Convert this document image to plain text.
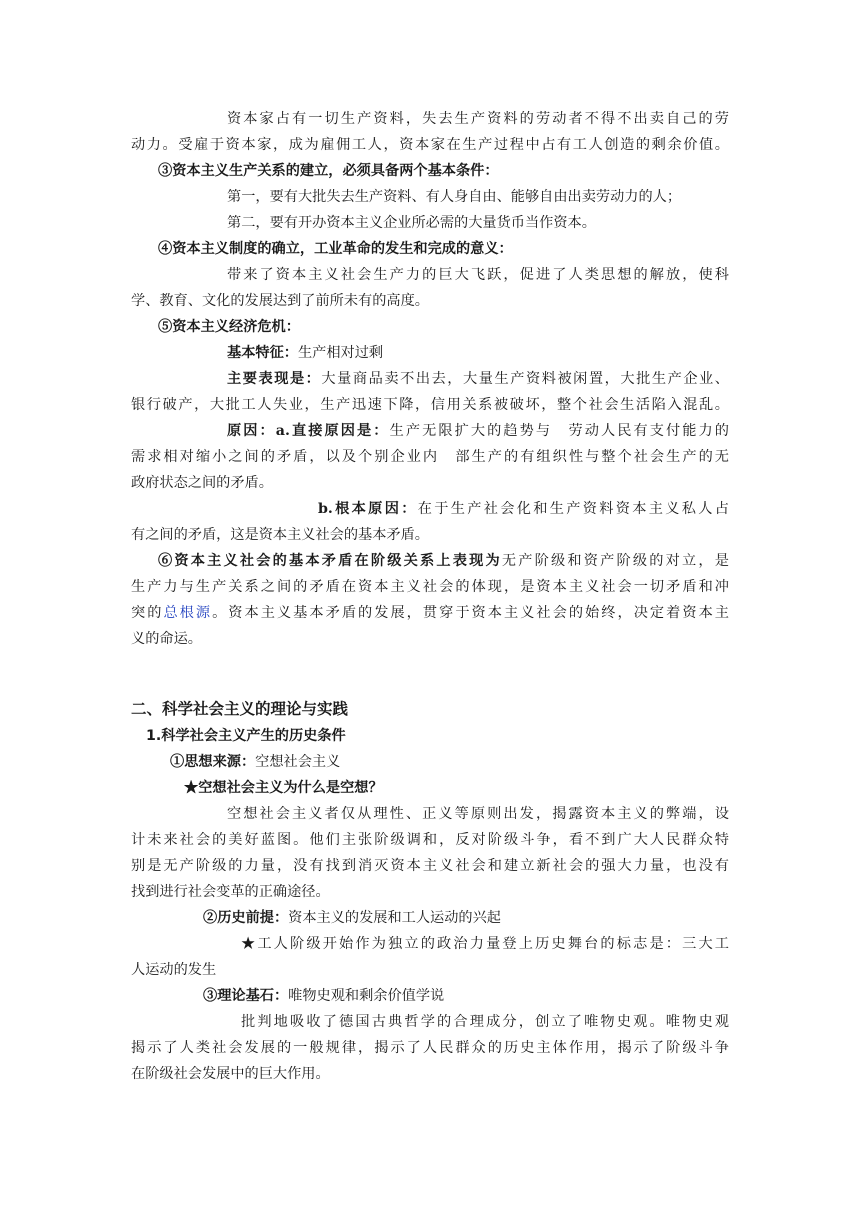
资本家占有一切生产资料，失去生产资料的劳动者不得不出卖自己的劳
动力。受雇于资本家，成为雇佣工人，资本家在生产过程中占有工人创造的剩余价值。
③资本主义生产关系的建立，必须具备两个基本条件：
第一，要有大批失去生产资料、有人身自由、能够自由出卖劳动力的人；
第二，要有开办资本主义企业所必需的大量货币当作资本。
④资本主义制度的确立，工业革命的发生和完成的意义：
带来了资本主义社会生产力的巨大飞跃，促进了人类思想的解放，使科
学、教育、文化的发展达到了前所未有的高度。
⑤资本主义经济危机：
基本特征：生产相对过剩
主要表现是：大量商品卖不出去，大量生产资料被闲置，大批生产企业、
银行破产，大批工人失业，生产迅速下降，信用关系被破坏，整个社会生活陷入混乱。
原因：a.直接原因是：生产无限扩大的趋势与　劳动人民有支付能力的
需求相对缩小之间的矛盾，以及个别企业内　部生产的有组织性与整个社会生产的无
政府状态之间的矛盾。
b.根本原因：在于生产社会化和生产资料资本主义私人占
有之间的矛盾，这是资本主义社会的基本矛盾。
⑥资本主义社会的基本矛盾在阶级关系上表现为无产阶级和资产阶级的对立，是
生产力与生产关系之间的矛盾在资本主义社会的体现，是资本主义社会一切矛盾和冲
突的总根源。资本主义基本矛盾的发展，贯穿于资本主义社会的始终，决定着资本主
义的命运。
二、科学社会主义的理论与实践
1.科学社会主义产生的历史条件
①思想来源：空想社会主义
★空想社会主义为什么是空想？
空想社会主义者仅从理性、正义等原则出发，揭露资本主义的弊端，设
计未来社会的美好蓝图。他们主张阶级调和，反对阶级斗争，看不到广大人民群众特
别是无产阶级的力量，没有找到消灭资本主义社会和建立新社会的强大力量，也没有
找到进行社会变革的正确途径。
②历史前提：资本主义的发展和工人运动的兴起
★工人阶级开始作为独立的政治力量登上历史舞台的标志是：三大工
人运动的发生
③理论基石：唯物史观和剩余价值学说
批判地吸收了德国古典哲学的合理成分，创立了唯物史观。唯物史观
揭示了人类社会发展的一般规律，揭示了人民群众的历史主体作用，揭示了阶级斗争
在阶级社会发展中的巨大作用。
